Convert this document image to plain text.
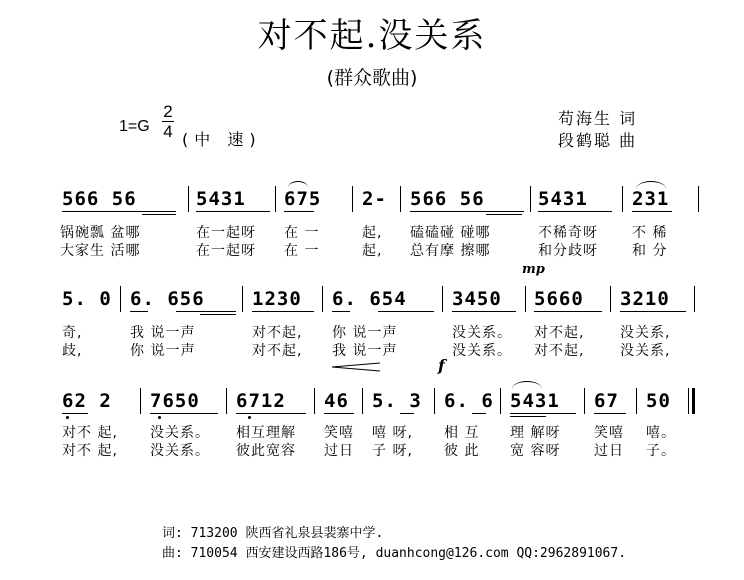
对不起.没关系
(群众歌曲)
1=G
2
4 (中 速)
苟海生 词
段鹤聪 曲
566 56	5431 675 2- 566 56	5431 231
锅碗瓢 盆哪	在一起呀 在 一	起, 磕磕碰 碰哪	不稀奇呀 不 稀
大家生 活哪	在一起呀 在 一	起, 总有摩 擦哪	和分歧呀 和 分
mp
5. 0 6. 656 1230 6. 654 3450 5660 3210
奇,	我 说一声	对不起, 你 说一声	没关系。 对不起,	没关系,
歧,	你 说一声	对不起, 我 说一声	没关系。 对不起,	没关系,
f
62 2 7650 6712 46 5. 3 6. 6 5431 67 50
对不 起, 没关系。 相互理解 笑嘻 嘻 呀, 相 互 理 解呀 笑嘻 嘻。
对不 起, 没关系。 彼此宽容 过日 子 呀, 彼 此 宽 容呀 过日 子。
词: 713200 陕西省礼泉县裴寨中学.
曲: 710054 西安建设西路186号, duanhcong@126.com QQ:2962891067.
